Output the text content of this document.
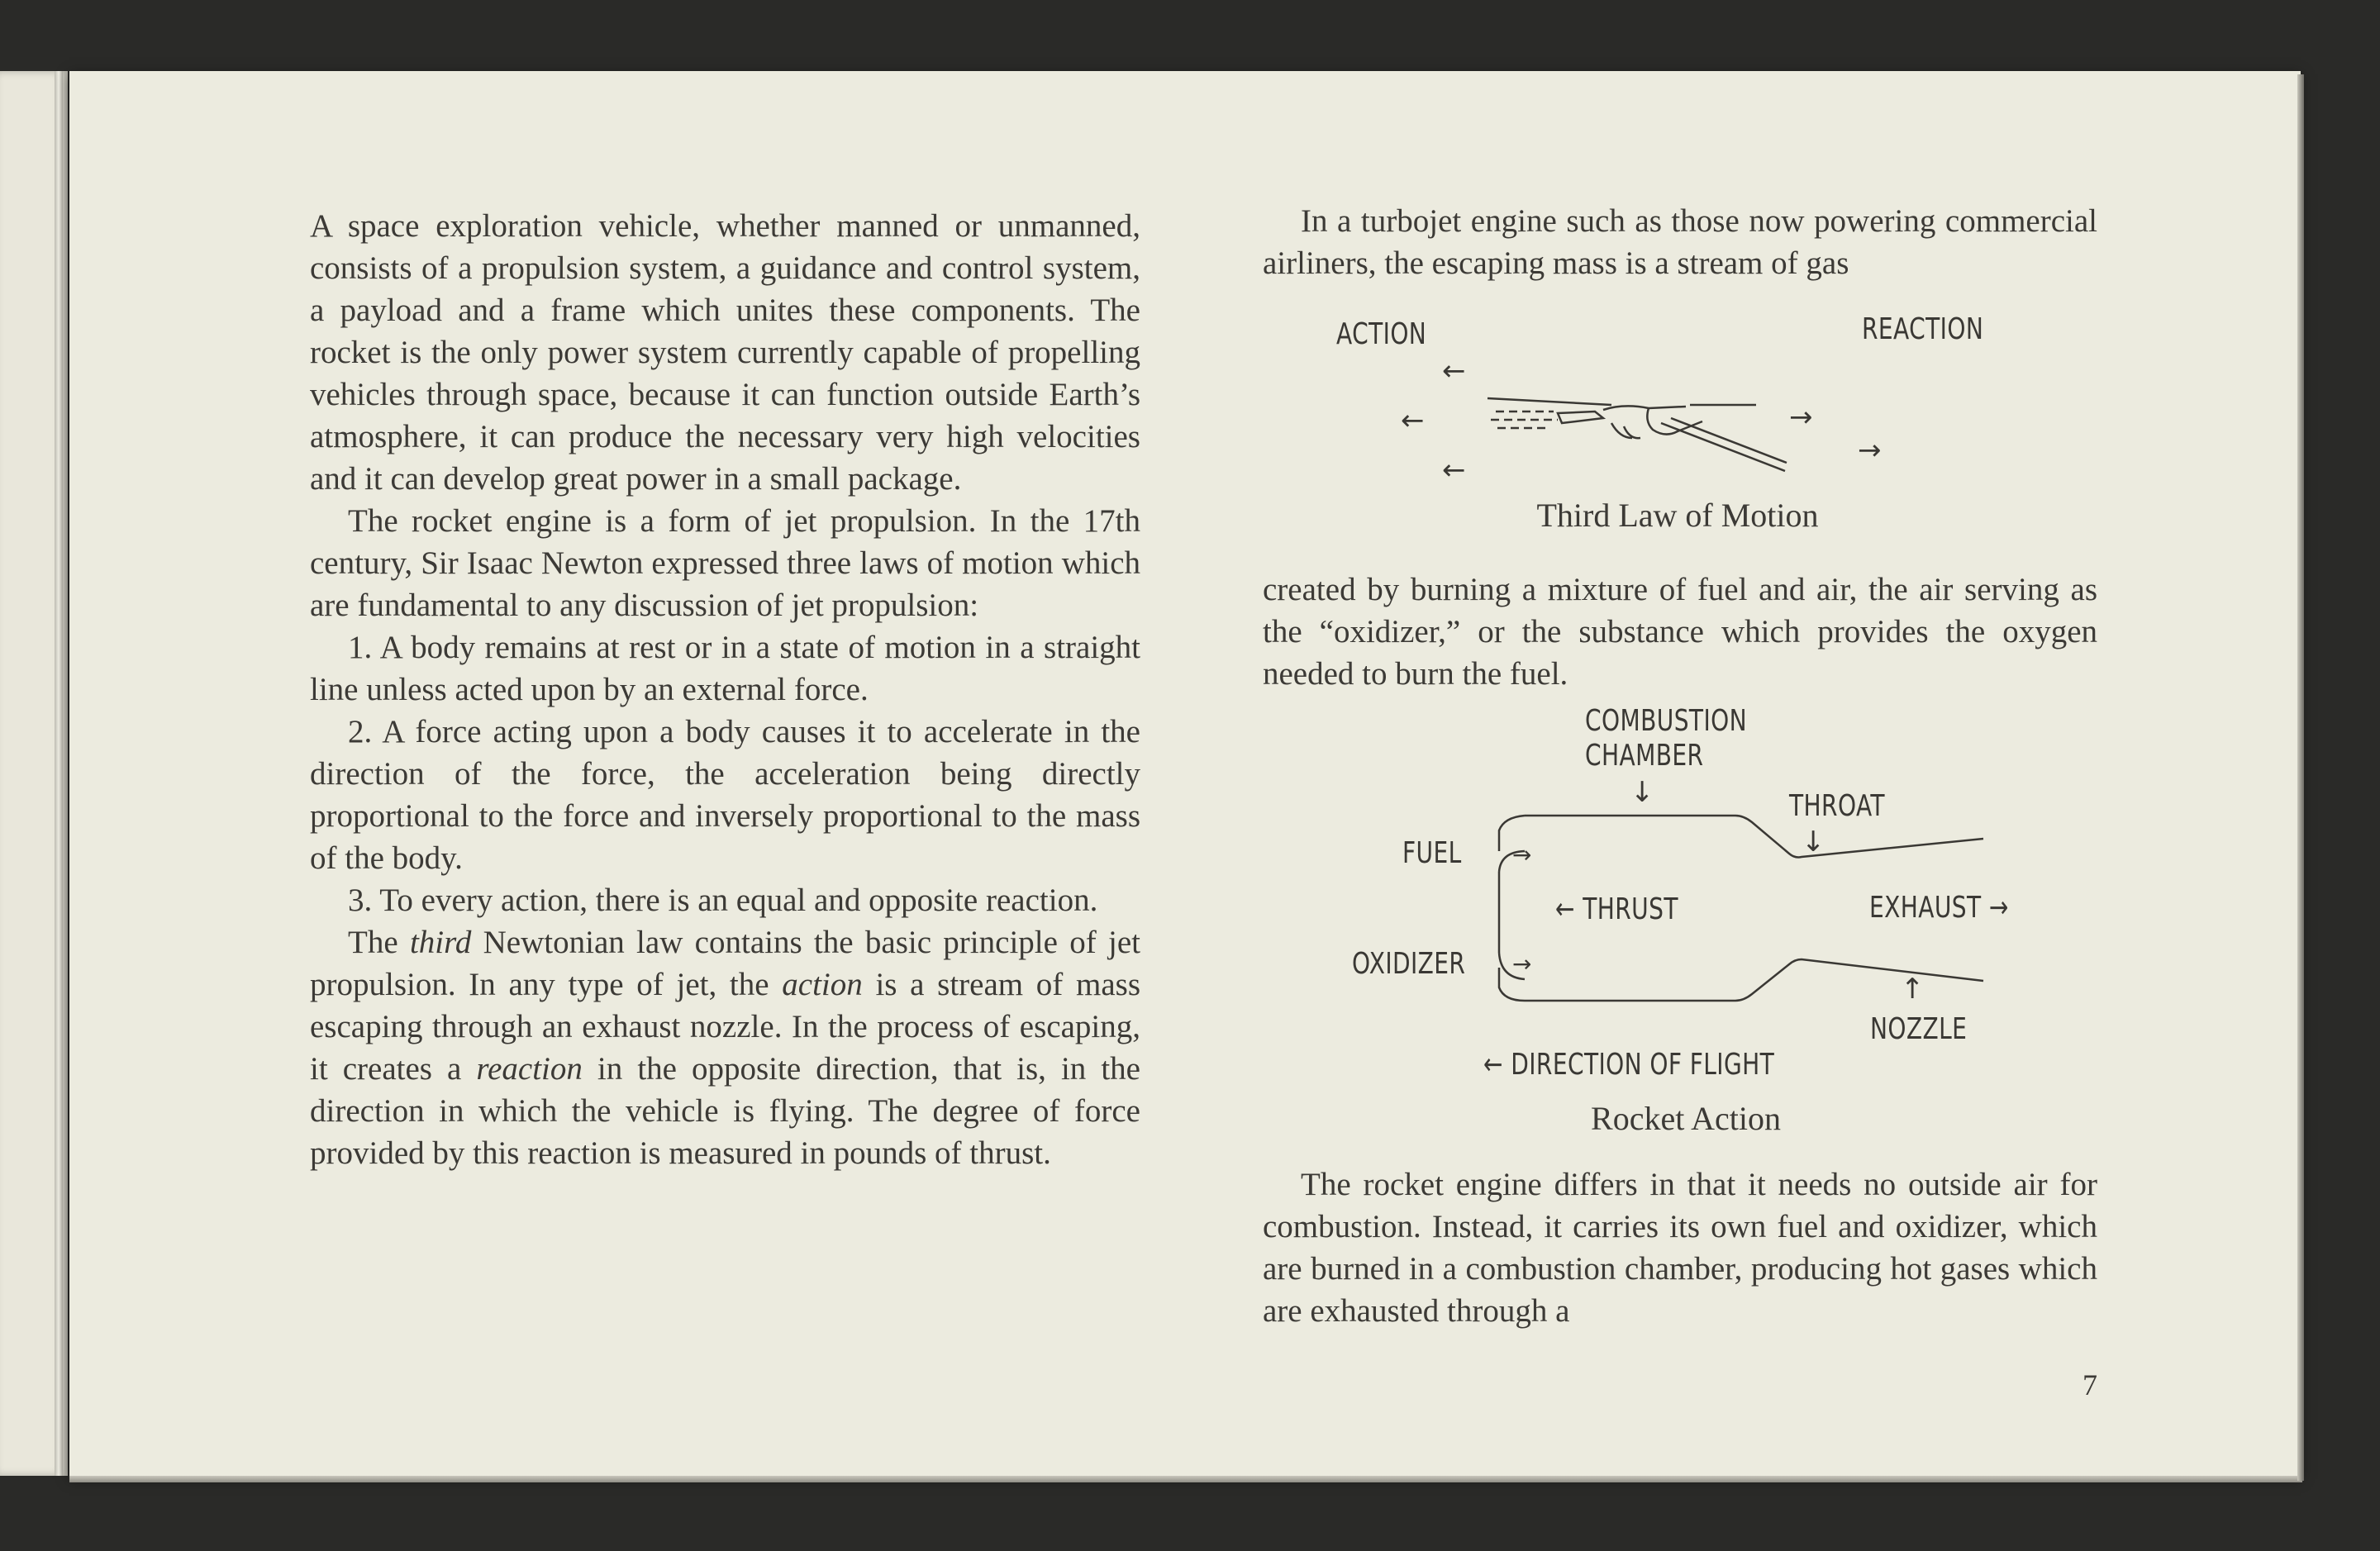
A space exploration vehicle, whether manned or unmanned, consists of a propulsion system, a guidance and control system, a payload and a frame which unites these components. The rocket is the only power system currently capable of propelling vehicles through space, because it can function outside Earth’s atmosphere, it can produce the necessary very high velocities and it can develop great power in a small package.

The rocket engine is a form of jet propulsion. In the 17th century, Sir Isaac Newton expressed three laws of motion which are fundamental to any discussion of jet propulsion:

1. A body remains at rest or in a state of motion in a straight line unless acted upon by an external force.

2. A force acting upon a body causes it to accelerate in the direction of the force, the acceleration being directly proportional to the force and inversely proportional to the mass of the body.

3. To every action, there is an equal and opposite reaction.

The third Newtonian law contains the basic principle of jet propulsion. In any type of jet, the action is a stream of mass escaping through an exhaust nozzle. In the process of escaping, it creates a reaction in the opposite direction, that is, in the direction in which the vehicle is flying. The degree of force provided by this reaction is measured in pounds of thrust.

In a turbojet engine such as those now powering commercial airliners, the escaping mass is a stream of gas

ACTION	REACTION
←
←
←
→
→
Third Law of Motion

created by burning a mixture of fuel and air, the air serving as the “oxidizer,” or the substance which provides the oxygen needed to burn the fuel.

COMBUSTION
CHAMBER
↓	THROAT
↓
FUEL
OXIDIZER
→
→
← THRUST	EXHAUST →
↑
NOZZLE
← DIRECTION OF FLIGHT
Rocket Action

The rocket engine differs in that it needs no outside air for combustion. Instead, it carries its own fuel and oxidizer, which are burned in a combustion chamber, producing hot gases which are exhausted through a

7
